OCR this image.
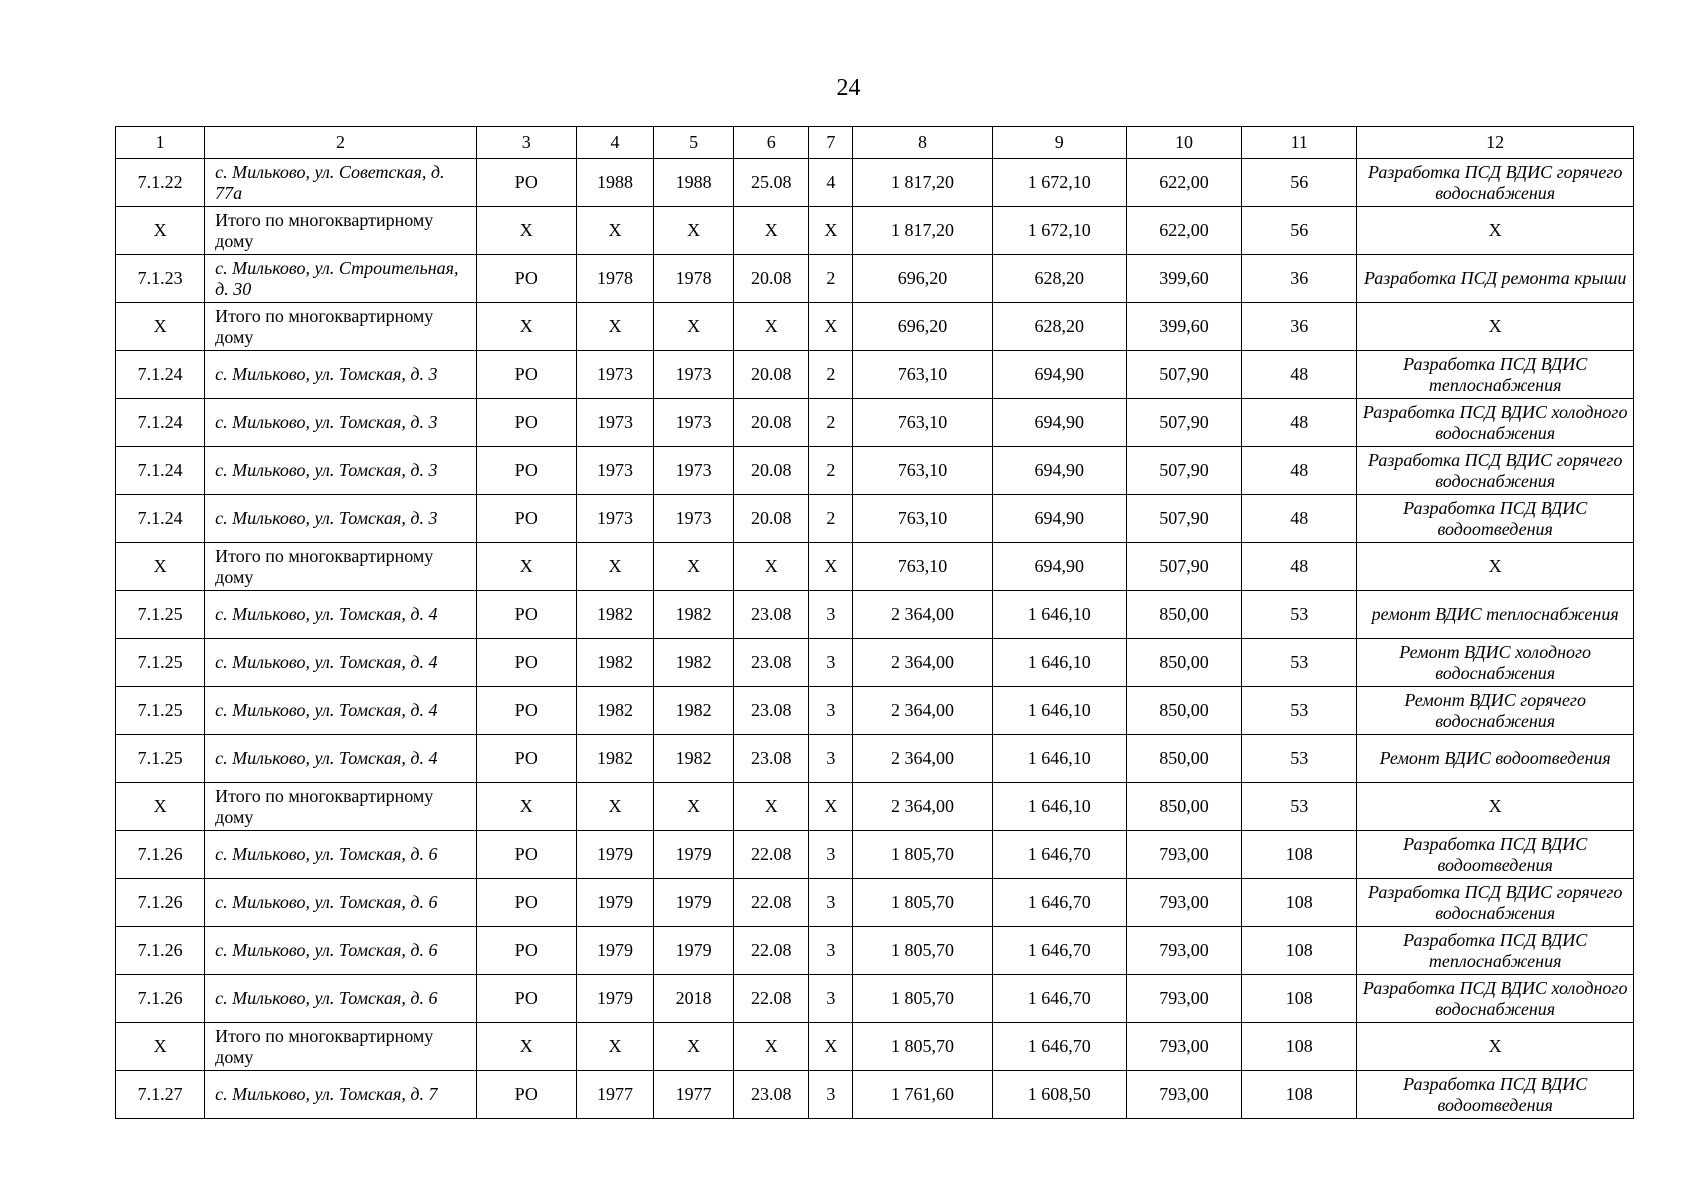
24
1	2	3	4	5	6	7	8	9	10	11	12
7.1.22	с. Мильково, ул. Советская, д. 77а	РО	1988	1988	25.08	4	1 817,20	1 672,10	622,00	56	Разработка ПСД ВДИС горячего водоснабжения
Х	Итого по многоквартирному дому	Х	Х	Х	Х	Х	1 817,20	1 672,10	622,00	56	Х
7.1.23	с. Мильково, ул. Строительная, д. 30	РО	1978	1978	20.08	2	696,20	628,20	399,60	36	Разработка ПСД ремонта крыши
Х	Итого по многоквартирному дому	Х	Х	Х	Х	Х	696,20	628,20	399,60	36	Х
7.1.24	с. Мильково, ул. Томская, д. 3	РО	1973	1973	20.08	2	763,10	694,90	507,90	48	Разработка ПСД ВДИС теплоснабжения
7.1.24	с. Мильково, ул. Томская, д. 3	РО	1973	1973	20.08	2	763,10	694,90	507,90	48	Разработка ПСД ВДИС холодного водоснабжения
7.1.24	с. Мильково, ул. Томская, д. 3	РО	1973	1973	20.08	2	763,10	694,90	507,90	48	Разработка ПСД ВДИС горячего водоснабжения
7.1.24	с. Мильково, ул. Томская, д. 3	РО	1973	1973	20.08	2	763,10	694,90	507,90	48	Разработка ПСД ВДИС водоотведения
Х	Итого по многоквартирному дому	Х	Х	Х	Х	Х	763,10	694,90	507,90	48	Х
7.1.25	с. Мильково, ул. Томская, д. 4	РО	1982	1982	23.08	3	2 364,00	1 646,10	850,00	53	ремонт ВДИС теплоснабжения
7.1.25	с. Мильково, ул. Томская, д. 4	РО	1982	1982	23.08	3	2 364,00	1 646,10	850,00	53	Ремонт ВДИС холодного водоснабжения
7.1.25	с. Мильково, ул. Томская, д. 4	РО	1982	1982	23.08	3	2 364,00	1 646,10	850,00	53	Ремонт ВДИС горячего водоснабжения
7.1.25	с. Мильково, ул. Томская, д. 4	РО	1982	1982	23.08	3	2 364,00	1 646,10	850,00	53	Ремонт ВДИС водоотведения
Х	Итого по многоквартирному дому	Х	Х	Х	Х	Х	2 364,00	1 646,10	850,00	53	Х
7.1.26	с. Мильково, ул. Томская, д. 6	РО	1979	1979	22.08	3	1 805,70	1 646,70	793,00	108	Разработка ПСД ВДИС водоотведения
7.1.26	с. Мильково, ул. Томская, д. 6	РО	1979	1979	22.08	3	1 805,70	1 646,70	793,00	108	Разработка ПСД ВДИС горячего водоснабжения
7.1.26	с. Мильково, ул. Томская, д. 6	РО	1979	1979	22.08	3	1 805,70	1 646,70	793,00	108	Разработка ПСД ВДИС теплоснабжения
7.1.26	с. Мильково, ул. Томская, д. 6	РО	1979	2018	22.08	3	1 805,70	1 646,70	793,00	108	Разработка ПСД ВДИС холодного водоснабжения
Х	Итого по многоквартирному дому	Х	Х	Х	Х	Х	1 805,70	1 646,70	793,00	108	Х
7.1.27	с. Мильково, ул. Томская, д. 7	РО	1977	1977	23.08	3	1 761,60	1 608,50	793,00	108	Разработка ПСД ВДИС водоотведения
